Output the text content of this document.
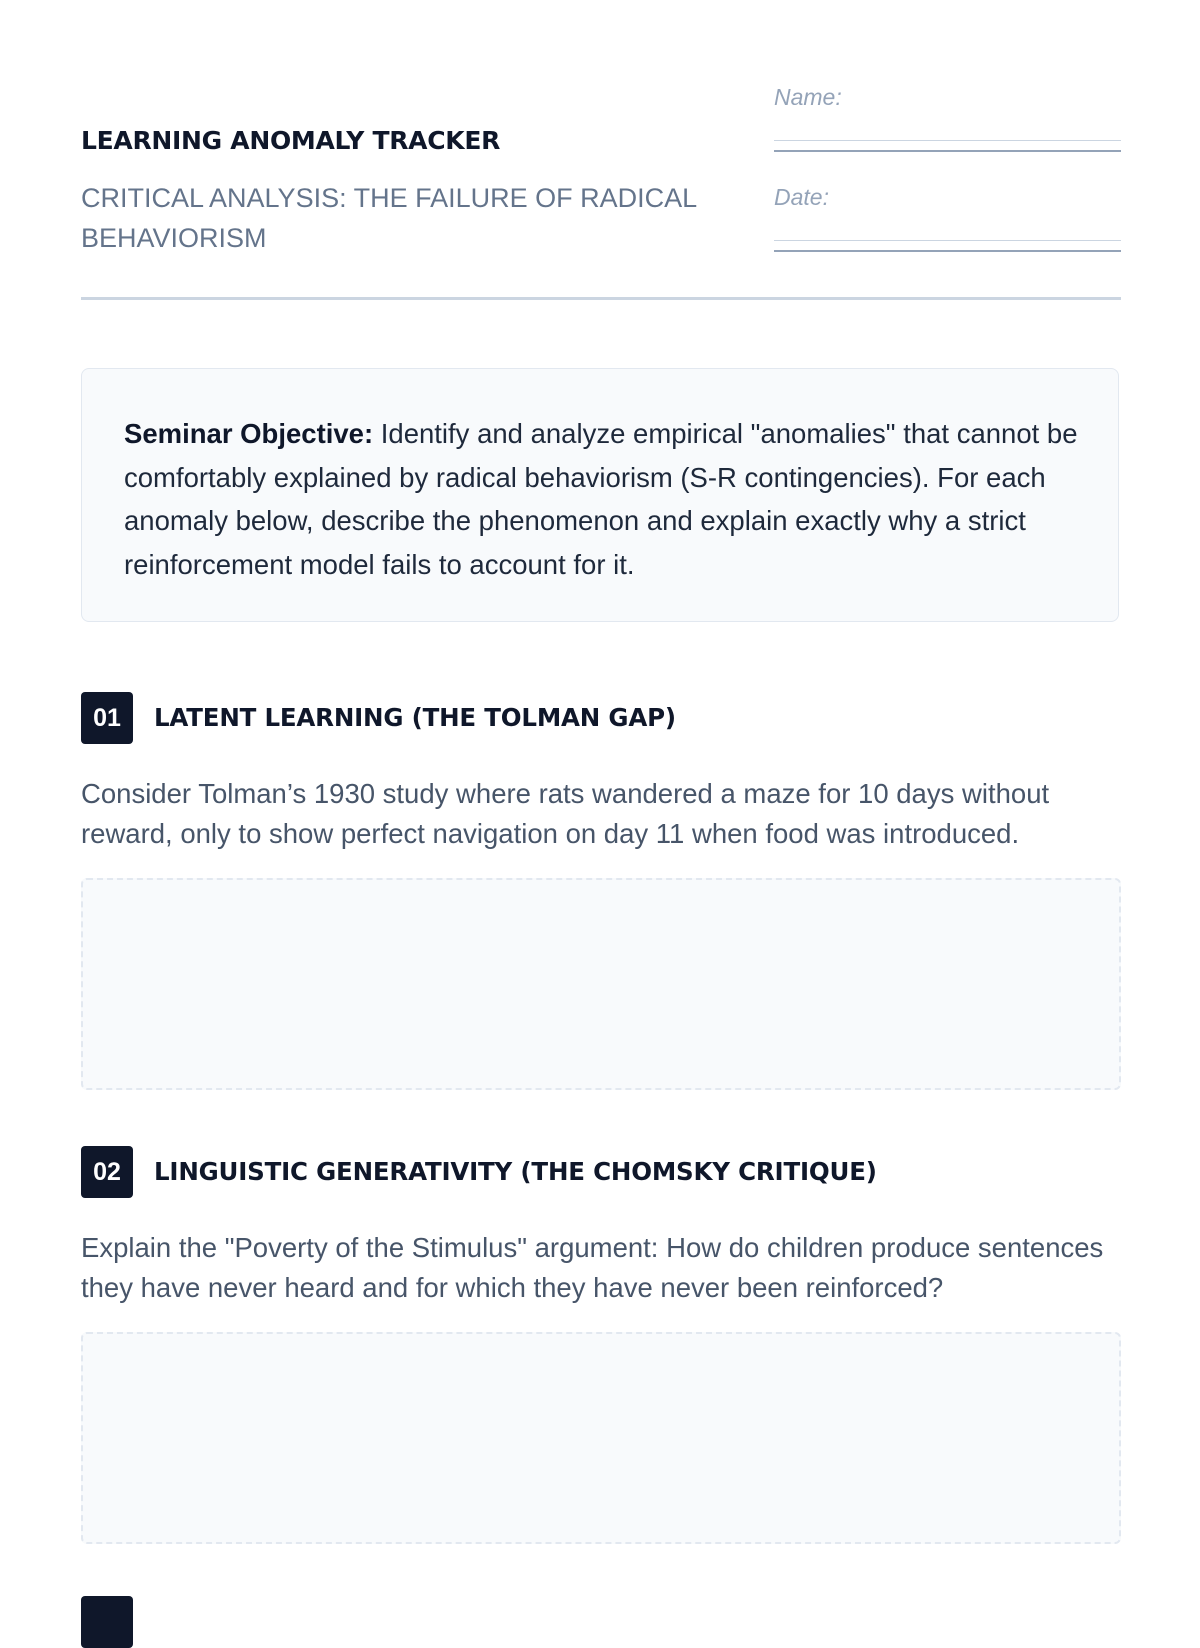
LEARNING ANOMALY TRACKER

CRITICAL ANALYSIS: THE FAILURE OF RADICAL BEHAVIORISM

Name:
Date:

Seminar Objective: Identify and analyze empirical "anomalies" that cannot be comfortably explained by radical behaviorism (S-R contingencies). For each anomaly below, describe the phenomenon and explain exactly why a strict reinforcement model fails to account for it.

01	LATENT LEARNING (THE TOLMAN GAP)

Consider Tolman’s 1930 study where rats wandered a maze for 10 days without reward, only to show perfect navigation on day 11 when food was introduced.

02	LINGUISTIC GENERATIVITY (THE CHOMSKY CRITIQUE)

Explain the "Poverty of the Stimulus" argument: How do children produce sentences they have never heard and for which they have never been reinforced?
